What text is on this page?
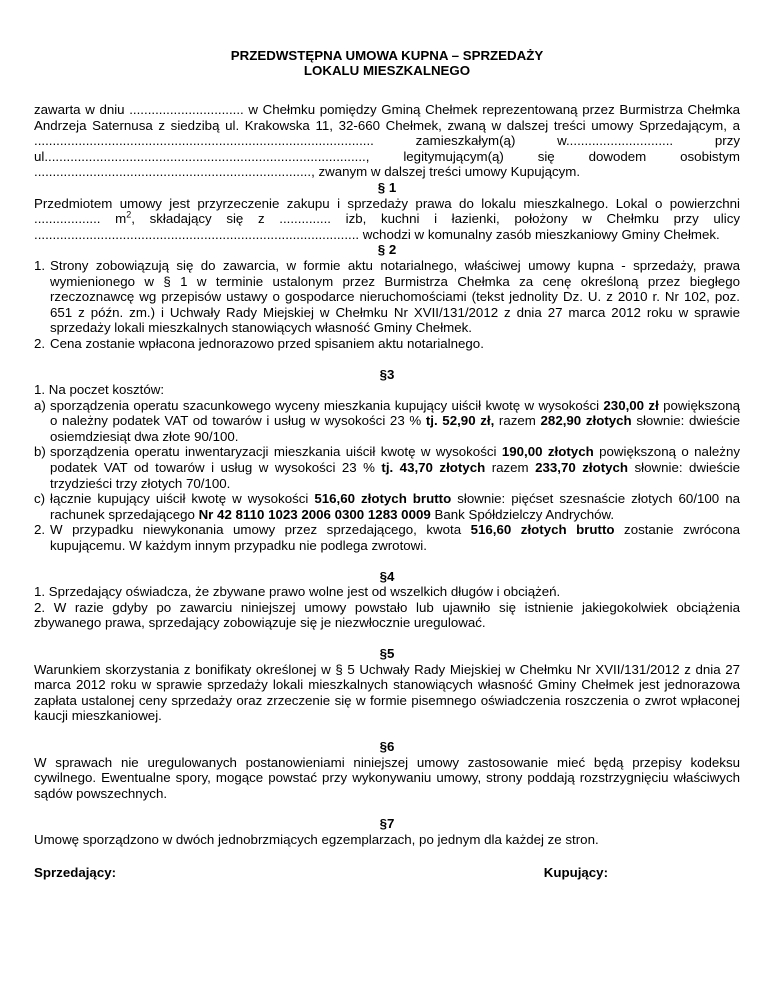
PRZEDWSTĘPNA UMOWA KUPNA – SPRZEDAŻY
LOKALU MIESZKALNEGO

zawarta w dniu ............................... w Chełmku pomiędzy Gminą Chełmek reprezentowaną przez Burmistrza Chełmka Andrzeja Saternusa z siedzibą ul. Krakowska 11, 32-660 Chełmek, zwaną w dalszej treści umowy Sprzedającym, a ............................................................................................ zamieszkałym(ą) w............................. przy ul......................................................................................., legitymującym(ą) się dowodem osobistym ..........................................................................., zwanym w dalszej treści umowy Kupującym.

§ 1

Przedmiotem umowy jest przyrzeczenie zakupu i sprzedaży prawa do lokalu mieszkalnego. Lokal o powierzchni .................. $m^2$, składający się z .............. izb, kuchni i łazienki, położony w Chełmku przy ulicy ........................................................................................ wchodzi w komunalny zasób mieszkaniowy Gminy Chełmek.

§ 2
1. Strony zobowiązują się do zawarcia, w formie aktu notarialnego, właściwej umowy kupna - sprzedaży, prawa wymienionego w § 1 w terminie ustalonym przez Burmistrza Chełmka za cenę określoną przez biegłego rzeczoznawcę wg przepisów ustawy o gospodarce nieruchomościami (tekst jednolity Dz. U. z 2010 r. Nr 102, poz. 651 z późn. zm.) i Uchwały Rady Miejskiej w Chełmku Nr XVII/131/2012 z dnia 27 marca 2012 roku w sprawie sprzedaży lokali mieszkalnych stanowiących własność Gminy Chełmek.
2. Cena zostanie wpłacona jednorazowo przed spisaniem aktu notarialnego.
§3

1. Na poczet kosztów:

a) sporządzenia operatu szacunkowego wyceny mieszkania kupujący uiścił kwotę w wysokości 230,00 zł powiększoną o należny podatek VAT od towarów i usług w wysokości 23 % tj. 52,90 zł, razem 282,90 złotych słownie: dwieście osiemdziesiąt dwa złote 90/100.
b) sporządzenia operatu inwentaryzacji mieszkania uiścił kwotę w wysokości 190,00 złotych powiększoną o należny podatek VAT od towarów i usług w wysokości 23 % tj. 43,70 złotych razem 233,70 złotych słownie: dwieście trzydzieści trzy złotych 70/100.
c) łącznie kupujący uiścił kwotę w wysokości 516,60 złotych brutto słownie: pięćset szesnaście złotych 60/100 na rachunek sprzedającego Nr 42 8110 1023 2006 0300 1283 0009 Bank Spółdzielczy Andrychów.
2. W przypadku niewykonania umowy przez sprzedającego, kwota 516,60 złotych brutto zostanie zwrócona kupującemu. W każdym innym przypadku nie podlega zwrotowi.
§4

1. Sprzedający oświadcza, że zbywane prawo wolne jest od wszelkich długów i obciążeń.

2. W razie gdyby po zawarciu niniejszej umowy powstało lub ujawniło się istnienie jakiegokolwiek obciążenia zbywanego prawa, sprzedający zobowiązuje się je niezwłocznie uregulować.

§5

Warunkiem skorzystania z bonifikaty określonej w § 5 Uchwały Rady Miejskiej w Chełmku Nr XVII/131/2012 z dnia 27 marca 2012 roku w sprawie sprzedaży lokali mieszkalnych stanowiących własność Gminy Chełmek jest jednorazowa zapłata ustalonej ceny sprzedaży oraz zrzeczenie się w formie pisemnego oświadczenia roszczenia o zwrot wpłaconej kaucji mieszkaniowej.

§6

W sprawach nie uregulowanych postanowieniami niniejszej umowy zastosowanie mieć będą przepisy kodeksu cywilnego. Ewentualne spory, mogące powstać przy wykonywaniu umowy, strony poddają rozstrzygnięciu właściwych sądów powszechnych.

§7

Umowę sporządzono w dwóch jednobrzmiących egzemplarzach, po jednym dla każdej ze stron.

Sprzedający:	Kupujący:
